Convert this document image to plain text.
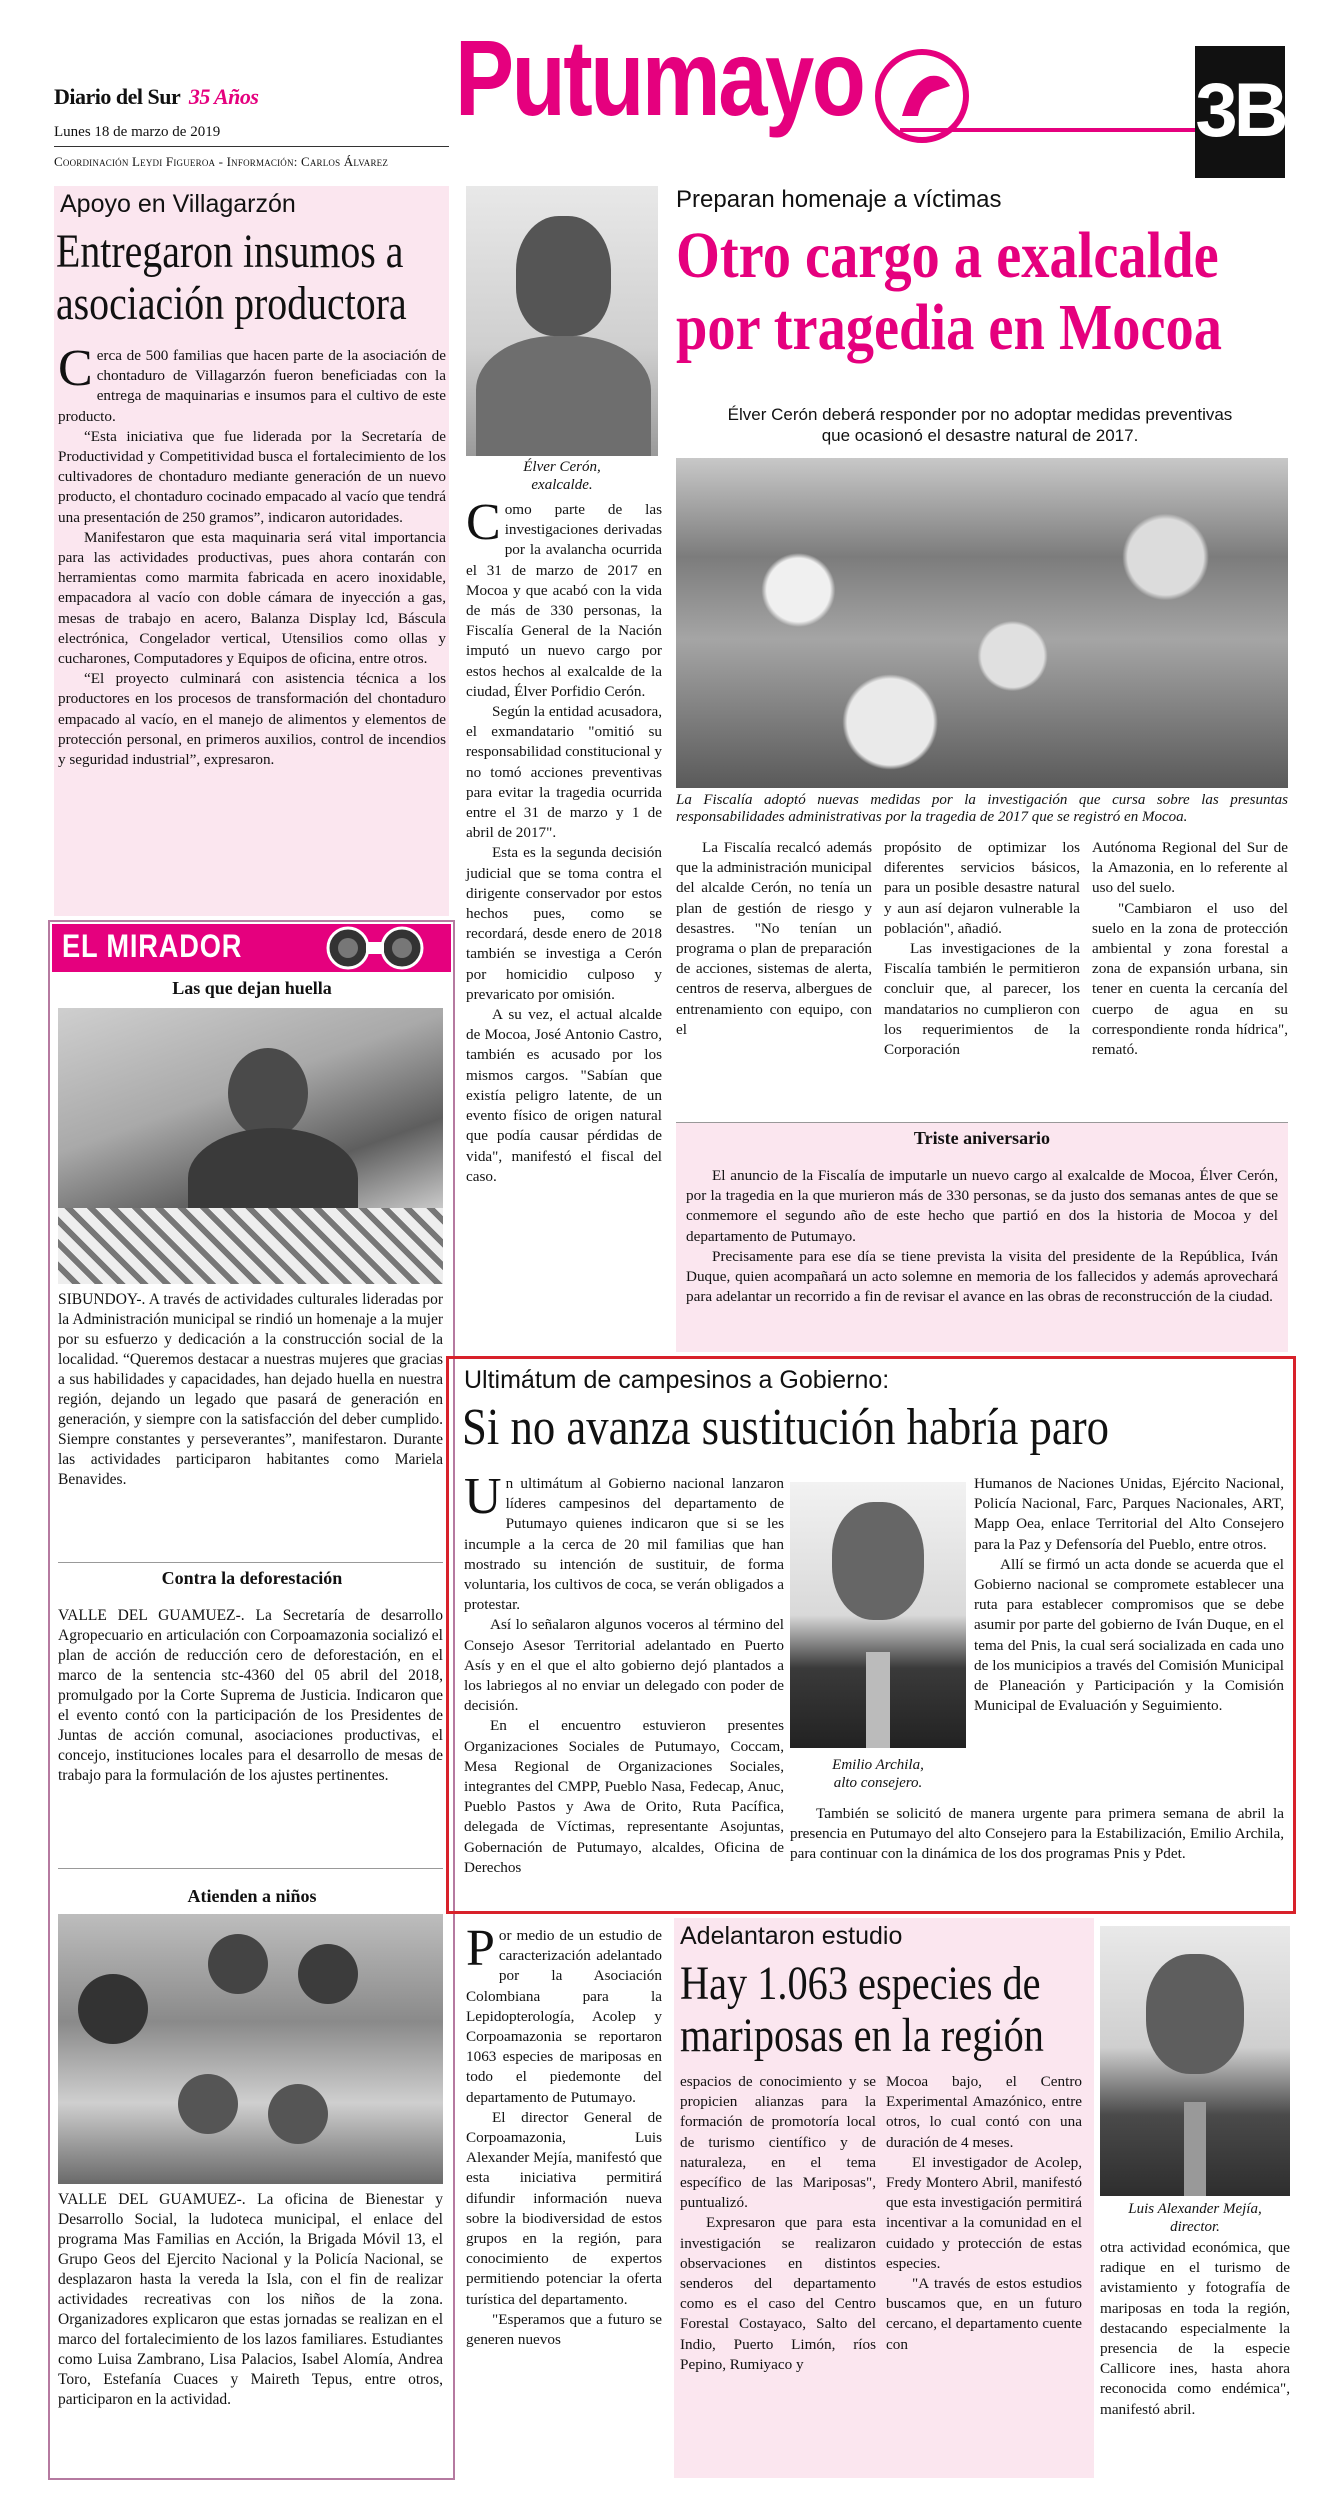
Diario del Sur 35 Años
Lunes 18 de marzo de 2019
Coordinación Leydi Figueroa - Información: Carlos Álvarez
Putumayo	3B
Apoyo en Villagarzón
Entregaron insumos a asociación productora

Cerca de 500 familias que hacen parte de la asociación de chontaduro de Villagarzón fueron beneficiadas con la entrega de maquinarias e insumos para el cultivo de este producto.

“Esta iniciativa que fue liderada por la Secretaría de Productividad y Competitividad busca el fortalecimiento de los cultivadores de chontaduro mediante generación de un nuevo producto, el chontaduro cocinado empacado al vacío que tendrá una presentación de 250 gramos”, indicaron autoridades.

Manifestaron que esta maquinaria será vital importancia para las actividades productivas, pues ahora contarán con herramientas como marmita fabricada en acero inoxidable, empacadora al vacío con doble cámara de inyección a gas, mesas de trabajo en acero, Balanza Display lcd, Báscula electrónica, Congelador vertical, Utensilios como ollas y cucharones, Computadores y Equipos de oficina, entre otros.

“El proyecto culminará con asistencia técnica a los productores en los procesos de transformación del chontaduro empacado al vacío, en el manejo de alimentos y elementos de protección personal, en primeros auxilios, control de incendios y seguridad industrial”, expresaron.

EL MIRADOR
Las que dejan huella
SIBUNDOY-. A través de actividades culturales lideradas por la Administración municipal se rindió un homenaje a la mujer por su esfuerzo y dedicación a la construcción social de la localidad. “Queremos destacar a nuestras mujeres que gracias a sus habilidades y capacidades, han dejado huella en nuestra región, dejando un legado que pasará de generación en generación, y siempre con la satisfacción del deber cumplido. Siempre constantes y perseverantes”, manifestaron. Durante las actividades participaron habitantes como Mariela Benavides.
Contra la deforestación
VALLE DEL GUAMUEZ-. La Secretaría de desarrollo Agropecuario en articulación con Corpoamazonia socializó el plan de acción de reducción cero de deforestación, en el marco de la sentencia stc-4360 del 05 abril del 2018, promulgado por la Corte Suprema de Justicia. Indicaron que el evento contó con la participación de los Presidentes de Juntas de acción comunal, asociaciones productivas, el concejo, instituciones locales para el desarrollo de mesas de trabajo para la formulación de los ajustes pertinentes.
Atienden a niños
VALLE DEL GUAMUEZ-. La oficina de Bienestar y Desarrollo Social, la ludoteca municipal, el enlace del programa Mas Familias en Acción, la Brigada Móvil 13, el Grupo Geos del Ejercito Nacional y la Policía Nacional, se desplazaron hasta la vereda la Isla, con el fin de realizar actividades recreativas con los niños de la zona. Organizadores explicaron que estas jornadas se realizan en el marco del fortalecimiento de los lazos familiares. Estudiantes como Luisa Zambrano, Lisa Palacios, Isabel Alomía, Andrea Toro, Estefanía Cuaces y Maireth Tepus, entre otros, participaron en la actividad.
Élver Cerón,
exalcalde.
Preparan homenaje a víctimas
Otro cargo a exalcalde por tragedia en Mocoa
Élver Cerón deberá responder por no adoptar medidas preventivas que ocasionó el desastre natural de 2017.
La Fiscalía adoptó nuevas medidas por la investigación que cursa sobre las presuntas responsabilidades administrativas por la tragedia de 2017 que se registró en Mocoa.

Como parte de las investigaciones derivadas por la avalancha ocurrida el 31 de marzo de 2017 en Mocoa y que acabó con la vida de más de 330 personas, la Fiscalía General de la Nación imputó un nuevo cargo por estos hechos al exalcalde de la ciudad, Élver Porfidio Cerón.

Según la entidad acusadora, el exmandatario "omitió su responsabilidad constitucional y no tomó acciones preventivas para evitar la tragedia ocurrida entre el 31 de marzo y 1 de abril de 2017".

Esta es la segunda decisión judicial que se toma contra el dirigente conservador por estos hechos pues, como se recordará, desde enero de 2018 también se investiga a Cerón por homicidio culposo y prevaricato por omisión.

A su vez, el actual alcalde de Mocoa, José Antonio Castro, también es acusado por los mismos cargos. "Sabían que existía peligro latente, de un evento físico de origen natural que podía causar pérdidas de vida", manifestó el fiscal del caso.

La Fiscalía recalcó además que la administración municipal del alcalde Cerón, no tenía un plan de gestión de riesgo y desastres. "No tenían un programa o plan de preparación de acciones, sistemas de alerta, centros de reserva, albergues de entrenamiento con equipo, con el

propósito de optimizar los diferentes servicios básicos, para un posible desastre natural y aun así dejaron vulnerable la población", añadió.

Las investigaciones de la Fiscalía también le permitieron concluir que, al parecer, los mandatarios no cumplieron con los requerimientos de la Corporación

Autónoma Regional del Sur de la Amazonia, en lo referente al uso del suelo.

"Cambiaron el uso del suelo en la zona de protección ambiental y zona forestal a zona de expansión urbana, sin tener en cuenta la cercanía del cuerpo de agua en su correspondiente ronda hídrica", remató.

Triste aniversario

El anuncio de la Fiscalía de imputarle un nuevo cargo al exalcalde de Mocoa, Élver Cerón, por la tragedia en la que murieron más de 330 personas, se da justo dos semanas antes de que se conmemore el segundo año de este hecho que partió en dos la historia de Mocoa y del departamento de Putumayo.

Precisamente para ese día se tiene prevista la visita del presidente de la República, Iván Duque, quien acompañará un acto solemne en memoria de los fallecidos y además aprovechará para adelantar un recorrido a fin de revisar el avance en las obras de reconstrucción de la ciudad.

Ultimátum de campesinos a Gobierno:
Si no avanza sustitución habría paro

Un ultimátum al Gobierno nacional lanzaron líderes campesinos del departamento de Putumayo quienes indicaron que si se les incumple a la cerca de 20 mil familias que han mostrado su intención de sustituir, de forma voluntaria, los cultivos de coca, se verán obligados a protestar.

Así lo señalaron algunos voceros al término del Consejo Asesor Territorial adelantado en Puerto Asís y en el que el alto gobierno dejó plantados a los labriegos al no enviar un delegado con poder de decisión.

En el encuentro estuvieron presentes Organizaciones Sociales de Putumayo, Coccam, Mesa Regional de Organizaciones Sociales, integrantes del CMPP, Pueblo Nasa, Fedecap, Anuc, Pueblo Pastos y Awa de Orito, Ruta Pacífica, delegada de Víctimas, representante Asojuntas, Gobernación de Putumayo, alcaldes, Oficina de Derechos

Emilio Archila,
alto consejero.

Humanos de Naciones Unidas, Ejército Nacional, Policía Nacional, Farc, Parques Nacionales, ART, Mapp Oea, enlace Territorial del Alto Consejero para la Paz y Defensoría del Pueblo, entre otros.

Allí se firmó un acta donde se acuerda que el Gobierno nacional se compromete establecer una ruta para establecer compromisos que se debe asumir por parte del gobierno de Iván Duque, en el tema del Pnis, la cual será socializada en cada uno de los municipios a través del Comisión Municipal de Planeación y Participación y la Comisión Municipal de Evaluación y Seguimiento.

También se solicitó de manera urgente para primera semana de abril la presencia en Putumayo del alto Consejero para la Estabilización, Emilio Archila, para continuar con la dinámica de los dos programas Pnis y Pdet.

Por medio de un estudio de caracterización adelantado por la Asociación Colombiana para la Lepidopterología, Acolep y Corpoamazonia se reportaron 1063 especies de mariposas en todo el piedemonte del departamento de Putumayo.

El director General de Corpoamazonia, Luis Alexander Mejía, manifestó que esta iniciativa permitirá difundir información nueva sobre la biodiversidad de estos grupos en la región, para conocimiento de expertos permitiendo potenciar la oferta turística del departamento.

"Esperamos que a futuro se generen nuevos

Adelantaron estudio
Hay 1.063 especies de mariposas en la región

espacios de conocimiento y se propicien alianzas para la formación de promotoría local de turismo científico y de naturaleza, en el tema específico de las Mariposas", puntualizó.

Expresaron que para esta investigación se realizaron observaciones en distintos senderos del departamento como es el caso del Centro Forestal Costayaco, Salto del Indio, Puerto Limón, ríos Pepino, Rumiyaco y

Mocoa bajo, el Centro Experimental Amazónico, entre otros, lo cual contó con una duración de 4 meses.

El investigador de Acolep, Fredy Montero Abril, manifestó que esta investigación permitirá incentivar a la comunidad en el cuidado y protección de estas especies.

"A través de estos estudios buscamos que, en un futuro cercano, el departamento cuente con

Luis Alexander Mejía,
director.

otra actividad económica, que radique en el turismo de avistamiento y fotografía de mariposas en toda la región, destacando especialmente la presencia de la especie Callicore ines, hasta ahora reconocida como endémica", manifestó abril.
